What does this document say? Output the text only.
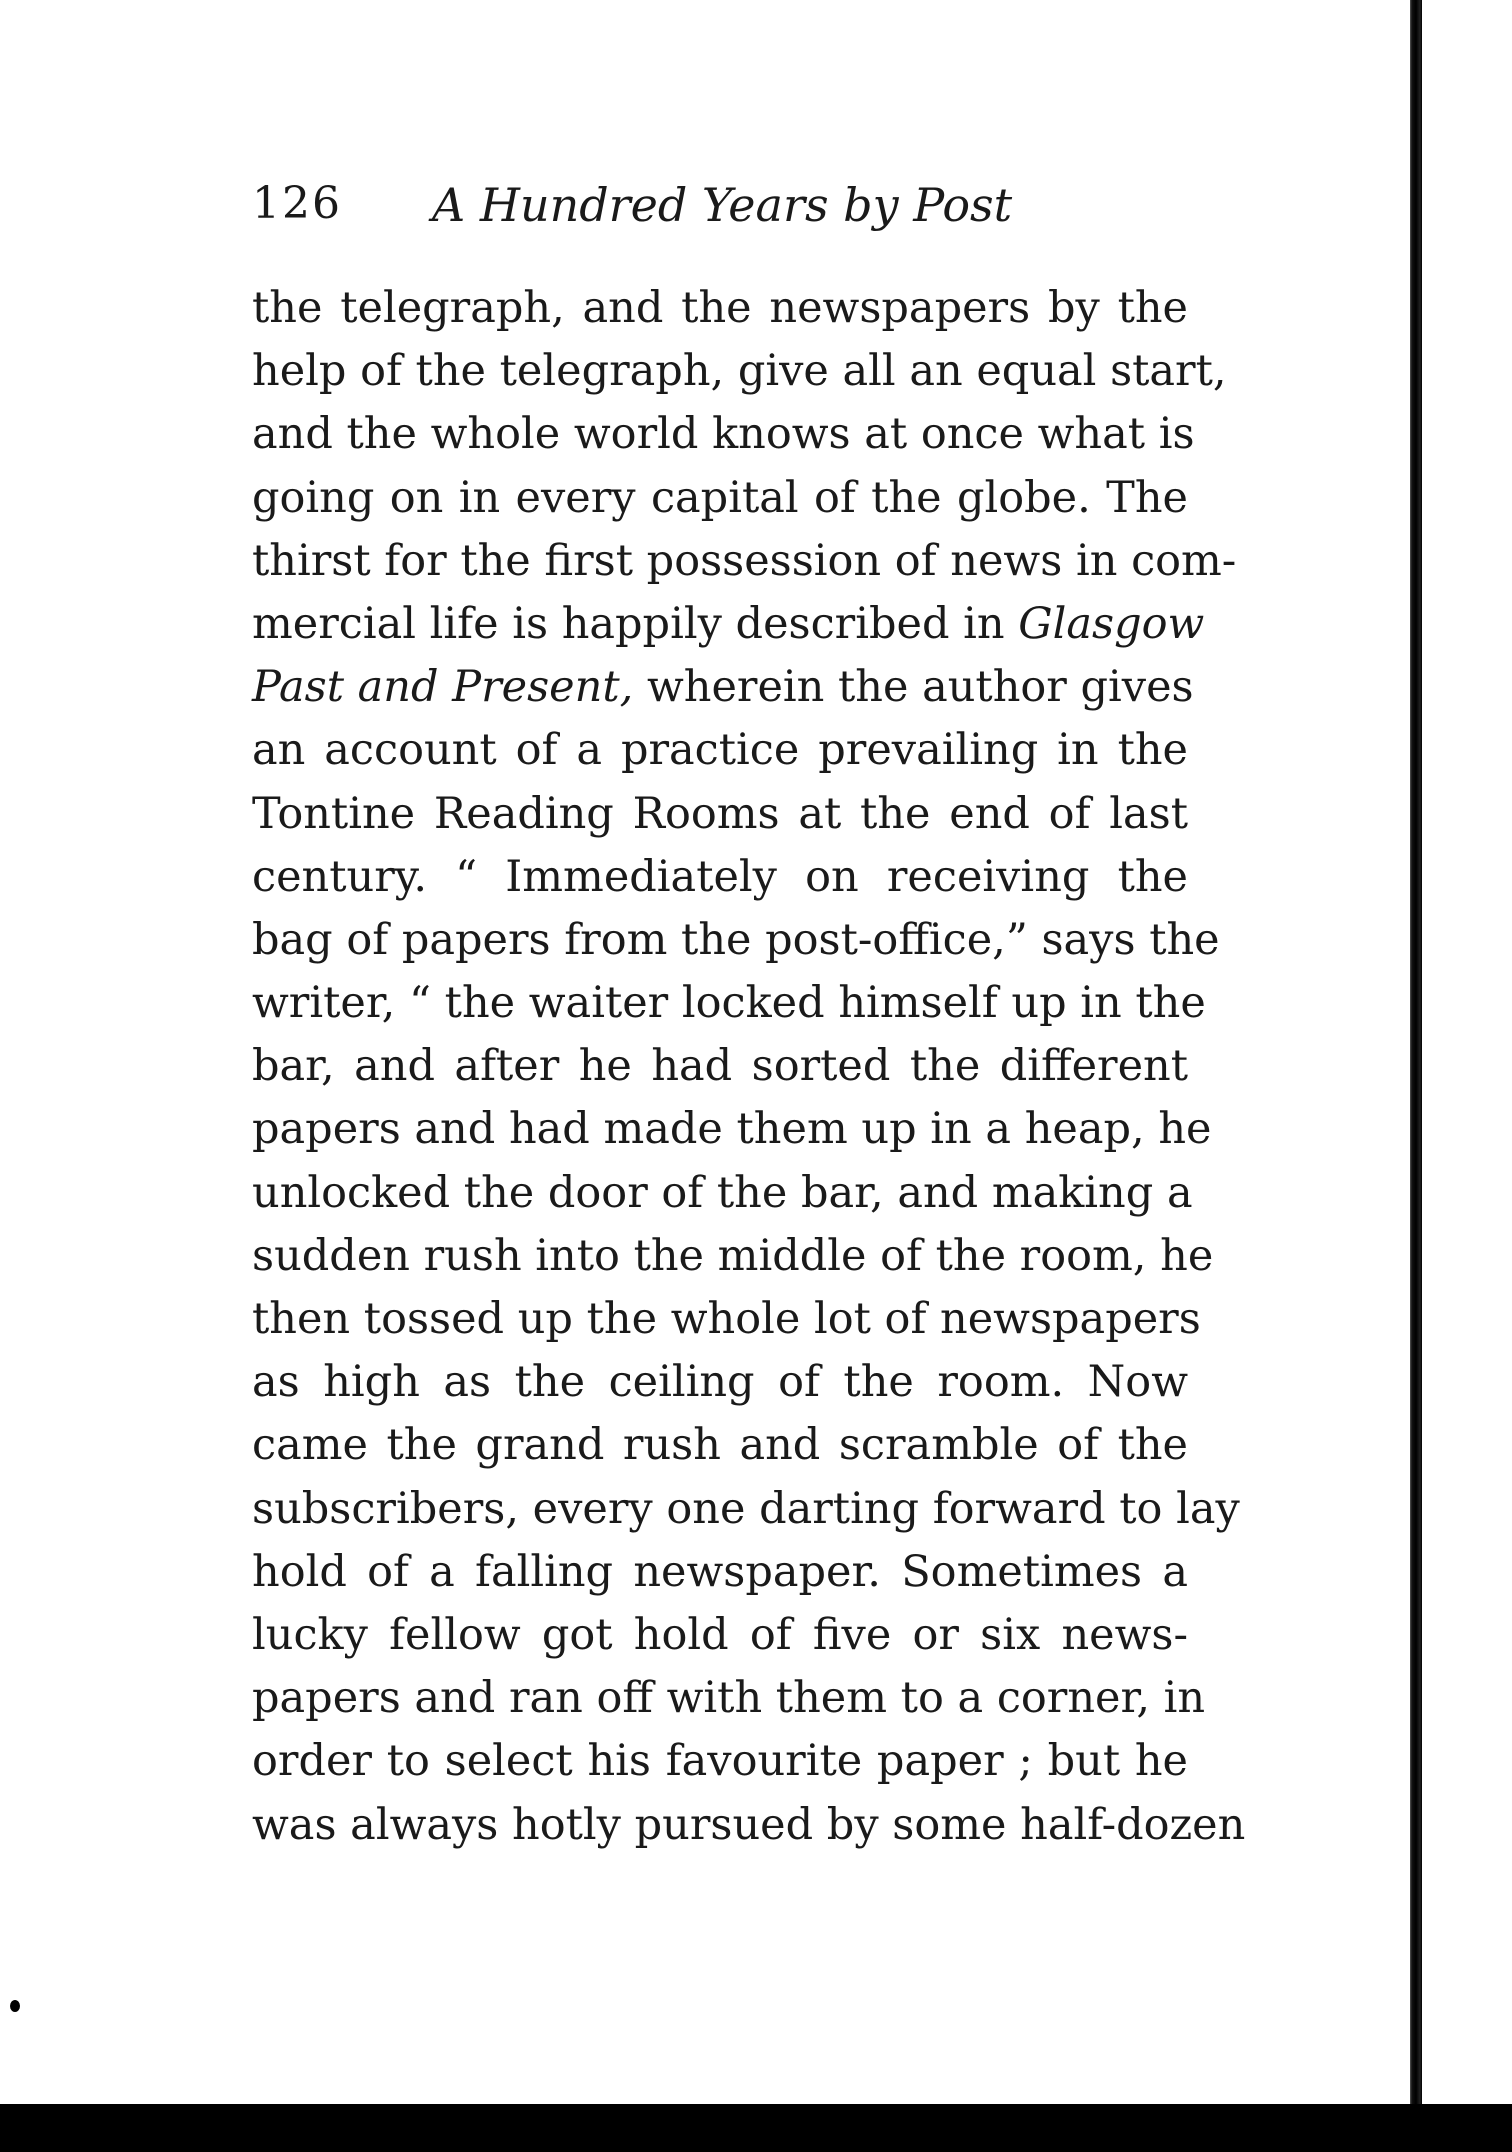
126 A Hundred Years by Post
the telegraph, and the newspapers by the
help of the telegraph, give all an equal start,
and the whole world knows at once what is
going on in every capital of the globe. The
thirst for the first possession of news in com-
mercial life is happily described in Glasgow
Past and Present, wherein the author gives
an account of a practice prevailing in the
Tontine Reading Rooms at the end of last
century. “ Immediately on receiving the
bag of papers from the post-office,” says the
writer, “ the waiter locked himself up in the
bar, and after he had sorted the different
papers and had made them up in a heap, he
unlocked the door of the bar, and making a
sudden rush into the middle of the room, he
then tossed up the whole lot of newspapers
as high as the ceiling of the room. Now
came the grand rush and scramble of the
subscribers, every one darting forward to lay
hold of a falling newspaper. Sometimes a
lucky fellow got hold of five or six news-
papers and ran off with them to a corner, in
order to select his favourite paper ; but he
was always hotly pursued by some half-dozen
